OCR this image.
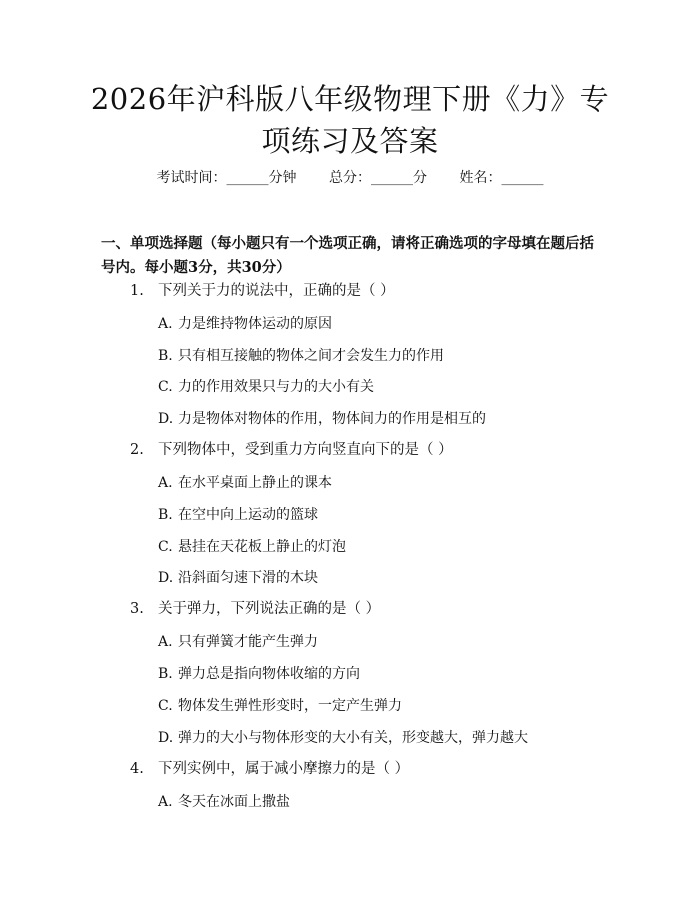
2026年沪科版八年级物理下册《力》专项练习及答案
考试时间：______分钟 总分：______分 姓名：______
一、单项选择题（每小题只有一个选项正确，请将正确选项的字母填在题后括号内。每小题3分，共30分）
1. 下列关于力的说法中，正确的是（ ）
A. 力是维持物体运动的原因
B. 只有相互接触的物体之间才会发生力的作用
C. 力的作用效果只与力的大小有关
D. 力是物体对物体的作用，物体间力的作用是相互的
2. 下列物体中，受到重力方向竖直向下的是（ ）
A. 在水平桌面上静止的课本
B. 在空中向上运动的篮球
C. 悬挂在天花板上静止的灯泡
D. 沿斜面匀速下滑的木块
3. 关于弹力，下列说法正确的是（ ）
A. 只有弹簧才能产生弹力
B. 弹力总是指向物体收缩的方向
C. 物体发生弹性形变时，一定产生弹力
D. 弹力的大小与物体形变的大小有关，形变越大，弹力越大
4. 下列实例中，属于减小摩擦力的是（ ）
A. 冬天在冰面上撒盐
